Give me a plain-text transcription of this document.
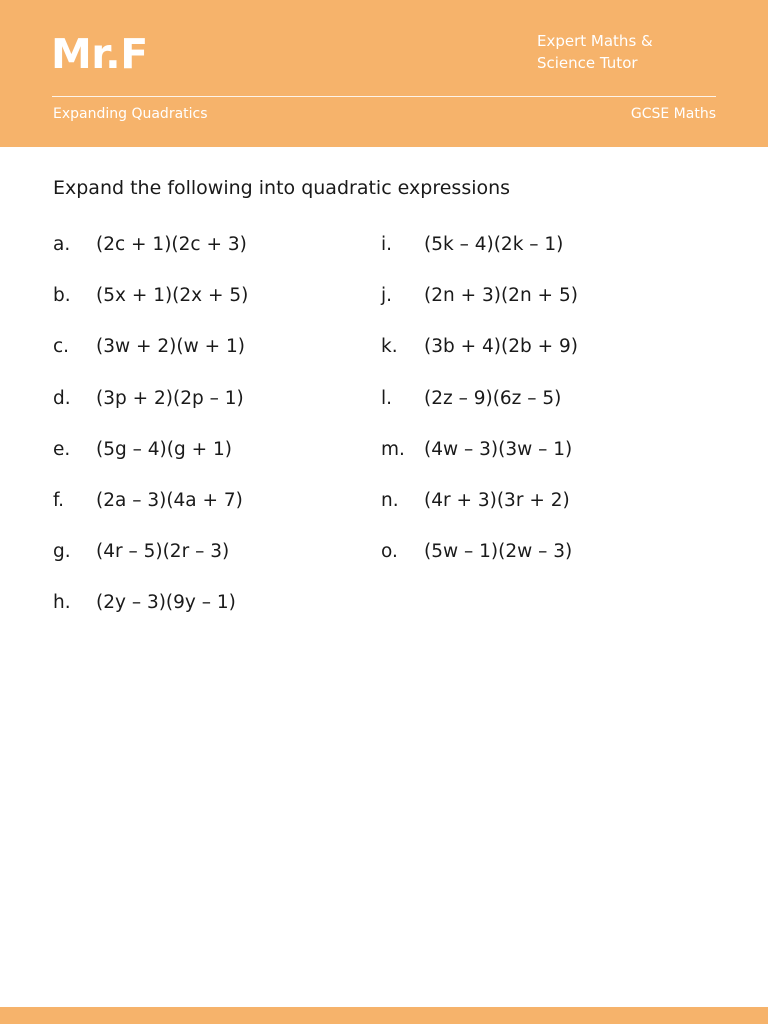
Mr.F	Expert Maths &
Science Tutor
Expanding Quadratics	GCSE Maths
Expand the following into quadratic expressions
a.	(2c + 1)(2c + 3)
b.	(5x + 1)(2x + 5)
c.	(3w + 2)(w + 1)
d.	(3p + 2)(2p – 1)
e.	(5g – 4)(g + 1)
f.	(2a – 3)(4a + 7)
g.	(4r – 5)(2r – 3)
h.	(2y – 3)(9y – 1)
i.	(5k – 4)(2k – 1)
j.	(2n + 3)(2n + 5)
k.	(3b + 4)(2b + 9)
l.	(2z – 9)(6z – 5)
m.	(4w – 3)(3w – 1)
n.	(4r + 3)(3r + 2)
o.	(5w – 1)(2w – 3)
